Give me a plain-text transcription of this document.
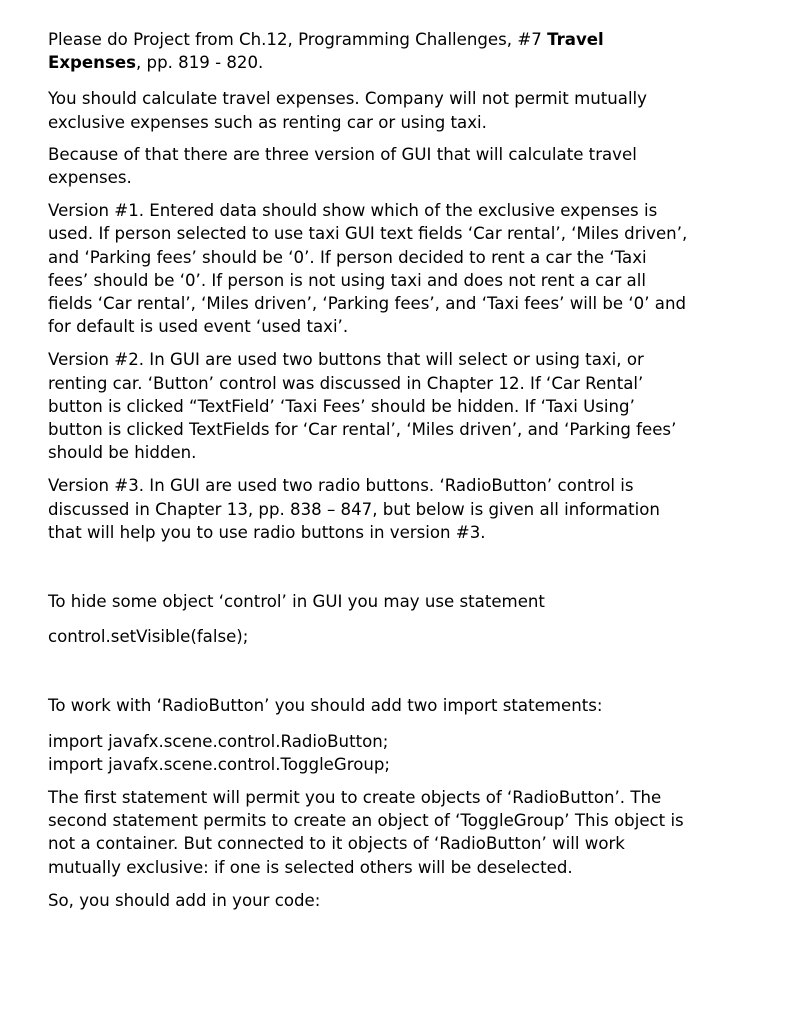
Please do Project from Ch.12, Programming Challenges, #7 Travel
Expenses, pp. 819 - 820.
You should calculate travel expenses. Company will not permit mutually
exclusive expenses such as renting car or using taxi.
Because of that there are three version of GUI that will calculate travel
expenses.
Version #1. Entered data should show which of the exclusive expenses is
used. If person selected to use taxi GUI text fields ‘Car rental’, ‘Miles driven’,
and ‘Parking fees’ should be ‘0’. If person decided to rent a car the ‘Taxi
fees’ should be ‘0’. If person is not using taxi and does not rent a car all
fields ‘Car rental’, ‘Miles driven’, ‘Parking fees’, and ‘Taxi fees’ will be ‘0’ and
for default is used event ‘used taxi’.
Version #2. In GUI are used two buttons that will select or using taxi, or
renting car. ‘Button’ control was discussed in Chapter 12. If ‘Car Rental’
button is clicked “TextField’ ‘Taxi Fees’ should be hidden. If ‘Taxi Using’
button is clicked TextFields for ‘Car rental’, ‘Miles driven’, and ‘Parking fees’
should be hidden.
Version #3. In GUI are used two radio buttons. ‘RadioButton’ control is
discussed in Chapter 13, pp. 838 – 847, but below is given all information
that will help you to use radio buttons in version #3.
To hide some object ‘control’ in GUI you may use statement
control.setVisible(false);
To work with ‘RadioButton’ you should add two import statements:
import javafx.scene.control.RadioButton;
import javafx.scene.control.ToggleGroup;
The first statement will permit you to create objects of ‘RadioButton’. The
second statement permits to create an object of ‘ToggleGroup’ This object is
not a container. But connected to it objects of ‘RadioButton’ will work
mutually exclusive: if one is selected others will be deselected.
So, you should add in your code:
